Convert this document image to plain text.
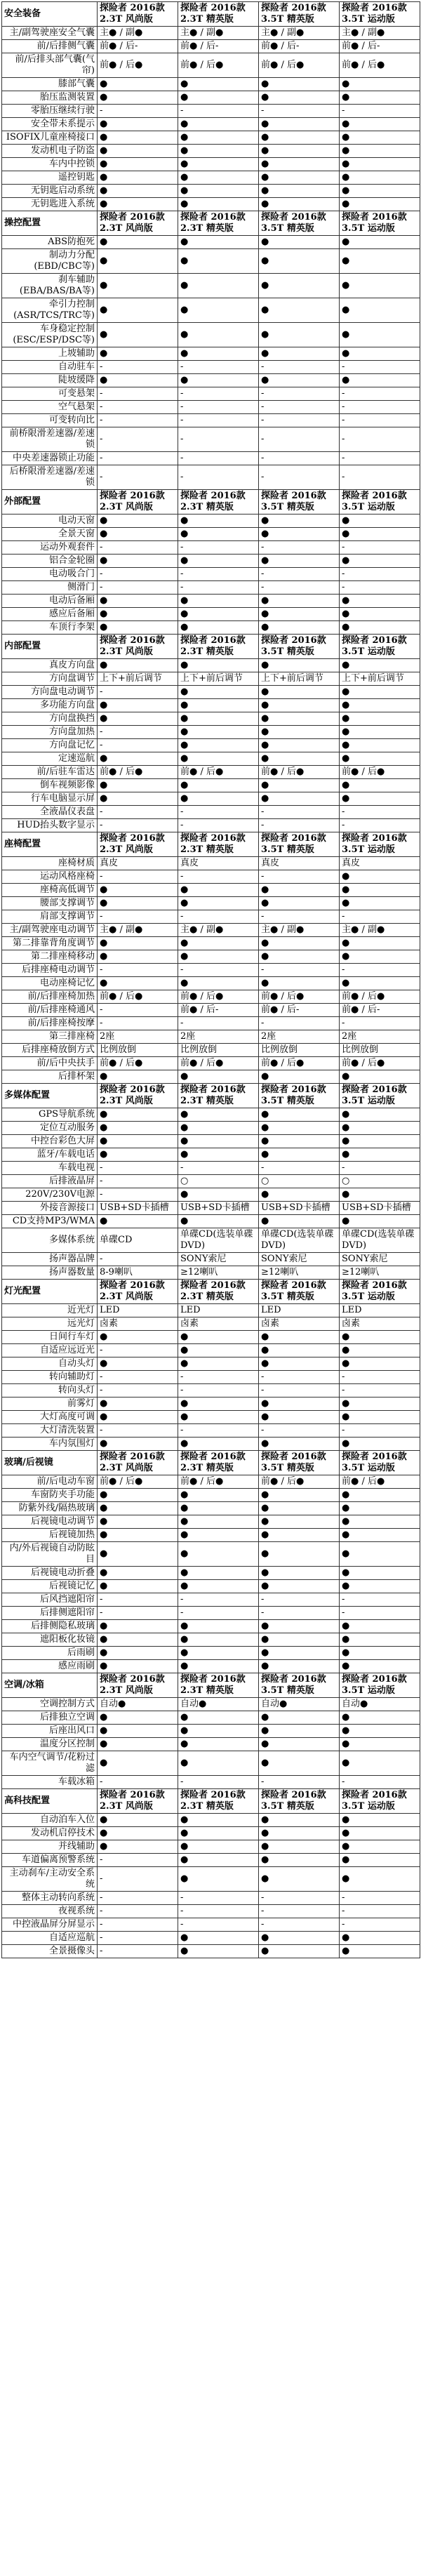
安全装备	探险者 2016款 2.3T 风尚版	探险者 2016款 2.3T 精英版	探险者 2016款 3.5T 精英版	探险者 2016款 3.5T 运动版
主/副驾驶座安全气囊	主● / 副●	主● / 副●	主● / 副●	主● / 副●
前/后排侧气囊	前● / 后-	前● / 后-	前● / 后-	前● / 后-
前/后排头部气囊(气帘)	前● / 后●	前● / 后●	前● / 后●	前● / 后●
膝部气囊	●	●	●	●
胎压监测装置	●	●	●	●
零胎压继续行驶	-	-	-	-
安全带未系提示	●	●	●	●
ISOFIX儿童座椅接口	●	●	●	●
发动机电子防盗	●	●	●	●
车内中控锁	●	●	●	●
遥控钥匙	●	●	●	●
无钥匙启动系统	●	●	●	●
无钥匙进入系统	●	●	●	●
操控配置	探险者 2016款 2.3T 风尚版	探险者 2016款 2.3T 精英版	探险者 2016款 3.5T 精英版	探险者 2016款 3.5T 运动版
ABS防抱死	●	●	●	●
制动力分配(EBD/CBC等)	●	●	●	●
刹车辅助(EBA/BAS/BA等)	●	●	●	●
牵引力控制(ASR/TCS/TRC等)	●	●	●	●
车身稳定控制(ESC/ESP/DSC等)	●	●	●	●
上坡辅助	●	●	●	●
自动驻车	-	-	-	-
陡坡缓降	●	●	●	●
可变悬架	-	-	-	-
空气悬架	-	-	-	-
可变转向比	-	-	-	-
前桥限滑差速器/差速锁	-	-	-	-
中央差速器锁止功能	-	-	-	-
后桥限滑差速器/差速锁	-	-	-	-
外部配置	探险者 2016款 2.3T 风尚版	探险者 2016款 2.3T 精英版	探险者 2016款 3.5T 精英版	探险者 2016款 3.5T 运动版
电动天窗	●	●	●	●
全景天窗	●	●	●	●
运动外观套件	-	-	-	-
铝合金轮圈	●	●	●	●
电动吸合门	-	-	-	-
侧滑门	-	-	-	-
电动后备厢	●	●	●	●
感应后备厢	●	●	●	●
车顶行李架	●	●	●	●
内部配置	探险者 2016款 2.3T 风尚版	探险者 2016款 2.3T 精英版	探险者 2016款 3.5T 精英版	探险者 2016款 3.5T 运动版
真皮方向盘	●	●	●	●
方向盘调节	上下+前后调节	上下+前后调节	上下+前后调节	上下+前后调节
方向盘电动调节	-	●	●	●
多功能方向盘	●	●	●	●
方向盘换挡	●	●	●	●
方向盘加热	-	●	●	●
方向盘记忆	-	●	●	●
定速巡航	●	●	●	●
前/后驻车雷达	前● / 后●	前● / 后●	前● / 后●	前● / 后●
倒车视频影像	●	●	●	●
行车电脑显示屏	●	●	●	●
全液晶仪表盘	-	-	-	-
HUD抬头数字显示	-	-	-	-
座椅配置	探险者 2016款 2.3T 风尚版	探险者 2016款 2.3T 精英版	探险者 2016款 3.5T 精英版	探险者 2016款 3.5T 运动版
座椅材质	真皮	真皮	真皮	真皮
运动风格座椅	-	-	-	●
座椅高低调节	●	●	●	●
腰部支撑调节	●	●	●	●
肩部支撑调节	-	-	-	-
主/副驾驶座电动调节	主● / 副●	主● / 副●	主● / 副●	主● / 副●
第二排靠背角度调节	●	●	●	●
第二排座椅移动	●	●	●	●
后排座椅电动调节	-	-	-	-
电动座椅记忆	●	●	●	●
前/后排座椅加热	前● / 后●	前● / 后●	前● / 后●	前● / 后●
前/后排座椅通风	-	前● / 后-	前● / 后-	前● / 后-
前/后排座椅按摩	-	-	-	-
第三排座椅	2座	2座	2座	2座
后排座椅放倒方式	比例放倒	比例放倒	比例放倒	比例放倒
前/后中央扶手	前● / 后●	前● / 后●	前● / 后●	前● / 后●
后排杯架	●	●	●	●
多媒体配置	探险者 2016款 2.3T 风尚版	探险者 2016款 2.3T 精英版	探险者 2016款 3.5T 精英版	探险者 2016款 3.5T 运动版
GPS导航系统	●	●	●	●
定位互动服务	●	●	●	●
中控台彩色大屏	●	●	●	●
蓝牙/车载电话	●	●	●	●
车载电视	-	-	-	-
后排液晶屏	-	○	○	○
220V/230V电源	-	●	●	●
外接音源接口	USB+SD卡插槽	USB+SD卡插槽	USB+SD卡插槽	USB+SD卡插槽
CD支持MP3/WMA	●	●	●	●
多媒体系统	单碟CD	单碟CD(选装单碟DVD)	单碟CD(选装单碟DVD)	单碟CD(选装单碟DVD)
扬声器品牌	-	SONY索尼	SONY索尼	SONY索尼
扬声器数量	8-9喇叭	≥12喇叭	≥12喇叭	≥12喇叭
灯光配置	探险者 2016款 2.3T 风尚版	探险者 2016款 2.3T 精英版	探险者 2016款 3.5T 精英版	探险者 2016款 3.5T 运动版
近光灯	LED	LED	LED	LED
远光灯	卤素	卤素	卤素	卤素
日间行车灯	●	●	●	●
自适应远近光	-	●	●	●
自动头灯	●	●	●	●
转向辅助灯	-	-	-	-
转向头灯	-	-	-	-
前雾灯	●	●	●	●
大灯高度可调	●	●	●	●
大灯清洗装置	-	-	-	-
车内氛围灯	●	●	●	●
玻璃/后视镜	探险者 2016款 2.3T 风尚版	探险者 2016款 2.3T 精英版	探险者 2016款 3.5T 精英版	探险者 2016款 3.5T 运动版
前/后电动车窗	前● / 后●	前● / 后●	前● / 后●	前● / 后●
车窗防夹手功能	●	●	●	●
防紫外线/隔热玻璃	●	●	●	●
后视镜电动调节	●	●	●	●
后视镜加热	●	●	●	●
内/外后视镜自动防眩目	●	●	●	●
后视镜电动折叠	●	●	●	●
后视镜记忆	●	●	●	●
后风挡遮阳帘	-	-	-	-
后排侧遮阳帘	-	-	-	-
后排侧隐私玻璃	●	●	●	●
遮阳板化妆镜	●	●	●	●
后雨刷	●	●	●	●
感应雨刷	●	●	●	●
空调/冰箱	探险者 2016款 2.3T 风尚版	探险者 2016款 2.3T 精英版	探险者 2016款 3.5T 精英版	探险者 2016款 3.5T 运动版
空调控制方式	自动●	自动●	自动●	自动●
后排独立空调	●	●	●	●
后座出风口	●	●	●	●
温度分区控制	●	●	●	●
车内空气调节/花粉过滤	●	●	●	●
车载冰箱	-	-	-	-
高科技配置	探险者 2016款 2.3T 风尚版	探险者 2016款 2.3T 精英版	探险者 2016款 3.5T 精英版	探险者 2016款 3.5T 运动版
自动泊车入位	●	●	●	●
发动机启停技术	●	●	●	●
并线辅助	●	●	●	●
车道偏离预警系统	-	●	●	●
主动刹车/主动安全系统	-	●	●	●
整体主动转向系统	-	-	-	-
夜视系统	-	-	-	-
中控液晶屏分屏显示	-	-	-	-
自适应巡航	-	●	●	●
全景摄像头	-	●	●	●
